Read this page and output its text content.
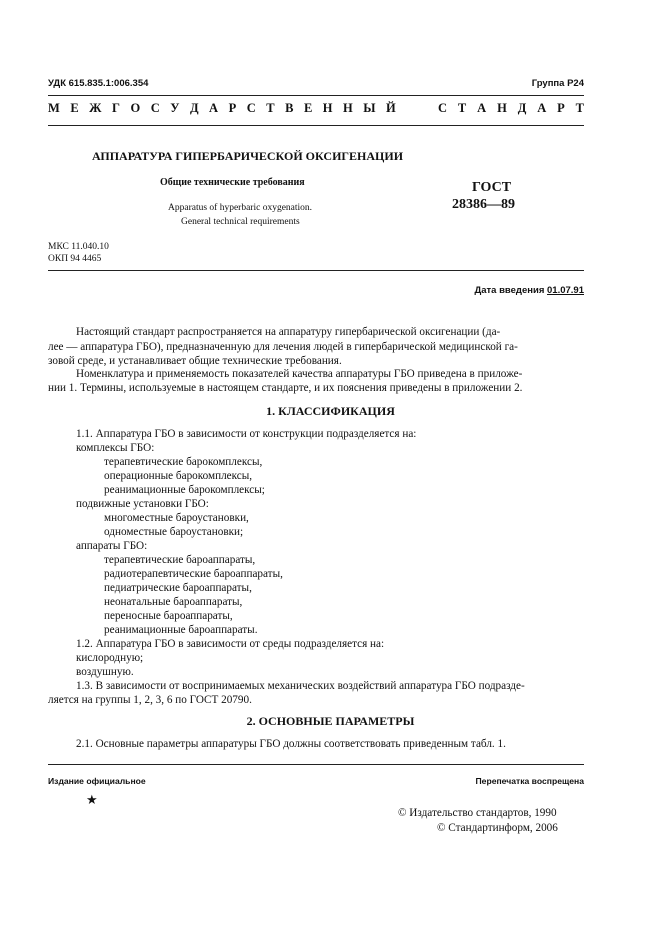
УДК 615.835.1:006.354	Группа Р24
М Е Ж Г О С У Д А Р С Т В Е Н Н Ы Й	С Т А Н Д А Р Т
АППАРАТУРА ГИПЕРБАРИЧЕСКОЙ ОКСИГЕНАЦИИ
Общие технические требования
Apparatus of hyperbaric oxygenation.
General technical requirements
ГОСТ
28386—89
МКС 11.040.10
ОКП 94 4465
Дата введения 01.07.91
Настоящий стандарт распространяется на аппаратуру гипербарической оксигенации (да-
лее — аппаратура ГБО), предназначенную для лечения людей в гипербарической медицинской га-
зовой среде, и устанавливает общие технические требования.
Номенклатура и применяемость показателей качества аппаратуры ГБО приведена в приложе-
нии 1. Термины, используемые в настоящем стандарте, и их пояснения приведены в приложении 2.
1. КЛАССИФИКАЦИЯ
1.1. Аппаратура ГБО в зависимости от конструкции подразделяется на:
комплексы ГБО:
терапевтические барокомплексы,
операционные барокомплексы,
реанимационные барокомплексы;
подвижные установки ГБО:
многоместные бароустановки,
одноместные бароустановки;
аппараты ГБО:
терапевтические бароаппараты,
радиотерапевтические бароаппараты,
педиатрические бароаппараты,
неонатальные бароаппараты,
переносные бароаппараты,
реанимационные бароаппараты.
1.2. Аппаратура ГБО в зависимости от среды подразделяется на:
кислородную;
воздушную.
1.3. В зависимости от воспринимаемых механических воздействий аппаратура ГБО подразде-
ляется на группы 1, 2, 3, 6 по ГОСТ 20790.
2. ОСНОВНЫЕ ПАРАМЕТРЫ
2.1. Основные параметры аппаратуры ГБО должны соответствовать приведенным табл. 1.
Издание официальное	Перепечатка воспрещена
★
© Издательство стандартов, 1990
© Стандартинформ, 2006
